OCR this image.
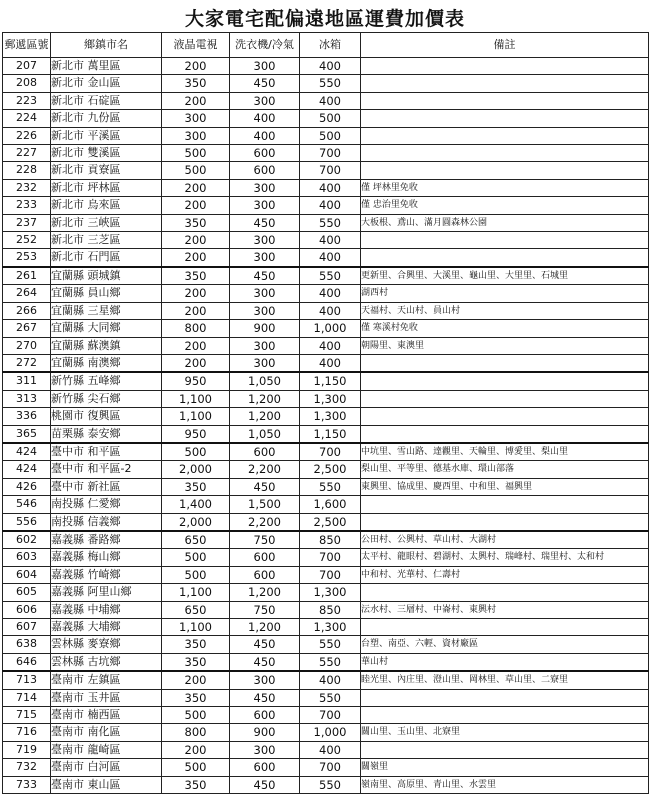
大家電宅配偏遠地區運費加價表
郵遞區號	鄉鎮市名	液晶電視	洗衣機/冷氣	冰箱	備註
207	新北市 萬里區	200	300	400	
208	新北市 金山區	350	450	550	
223	新北市 石碇區	200	300	400	
224	新北市 九份區	300	400	500	
226	新北市 平溪區	300	400	500	
227	新北市 雙溪區	500	600	700	
228	新北市 貢寮區	500	600	700	
232	新北市 坪林區	200	300	400	僅 坪林里免收
233	新北市 烏來區	200	300	400	僅 忠治里免收
237	新北市 三峽區	350	450	550	大板根、鳶山、滿月圓森林公園
252	新北市 三芝區	200	300	400	
253	新北市 石門區	200	300	400	
261	宜蘭縣 頭城鎮	350	450	550	更新里、合興里、大溪里、龜山里、大里里、石城里
264	宜蘭縣 員山鄉	200	300	400	湖西村
266	宜蘭縣 三星鄉	200	300	400	天福村、天山村、員山村
267	宜蘭縣 大同鄉	800	900	1,000	僅 寒溪村免收
270	宜蘭縣 蘇澳鎮	200	300	400	朝陽里、東澳里
272	宜蘭縣 南澳鄉	200	300	400	
311	新竹縣 五峰鄉	950	1,050	1,150	
313	新竹縣 尖石鄉	1,100	1,200	1,300	
336	桃園市 復興區	1,100	1,200	1,300	
365	苗栗縣 泰安鄉	950	1,050	1,150	
424	臺中市 和平區	500	600	700	中坑里、雪山路、達觀里、天輪里、博愛里、梨山里
424	臺中市 和平區-2	2,000	2,200	2,500	梨山里、平等里、德基水庫、環山部落
426	臺中市 新社區	350	450	550	東興里、協成里、慶西里、中和里、福興里
546	南投縣 仁愛鄉	1,400	1,500	1,600	
556	南投縣 信義鄉	2,000	2,200	2,500	
602	嘉義縣 番路鄉	650	750	850	公田村、公興村、草山村、大湖村
603	嘉義縣 梅山鄉	500	600	700	太平村、龍眼村、碧湖村、太興村、瑞峰村、瑞里村、太和村
604	嘉義縣 竹崎鄉	500	600	700	中和村、光華村、仁壽村
605	嘉義縣 阿里山鄉	1,100	1,200	1,300	
606	嘉義縣 中埔鄉	650	750	850	沄水村、三層村、中崙村、東興村
607	嘉義縣 大埔鄉	1,100	1,200	1,300	
638	雲林縣 麥寮鄉	350	450	550	台塑、南亞、六輕、資材廠區
646	雲林縣 古坑鄉	350	450	550	華山村
713	臺南市 左鎮區	200	300	400	睦光里、內庄里、澄山里、岡林里、草山里、二寮里
714	臺南市 玉井區	350	450	550	
715	臺南市 楠西區	500	600	700	
716	臺南市 南化區	800	900	1,000	關山里、玉山里、北寮里
719	臺南市 龍崎區	200	300	400	
732	臺南市 白河區	500	600	700	關嶺里
733	臺南市 東山區	350	450	550	嶺南里、高原里、青山里、水雲里
